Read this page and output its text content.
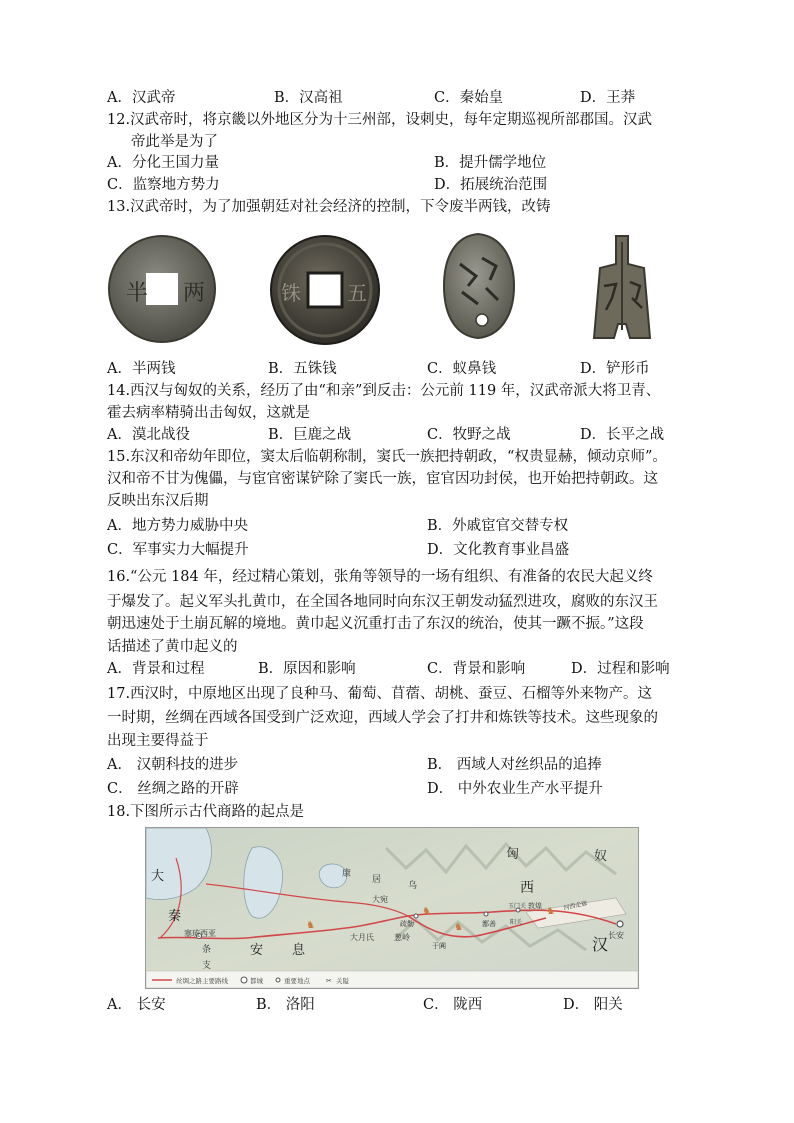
A．汉武帝	B．汉高祖	C．秦始皇	D．王莽
12.汉武帝时，将京畿以外地区分为十三州部，设刺史，每年定期巡视所部郡国。汉武
帝此举是为了
A．分化王国力量	B．提升儒学地位
C．监察地方势力	D．拓展统治范围
13.汉武帝时，为了加强朝廷对社会经济的控制，下令废半两钱，改铸
半 两	铢 五
A．半两钱	B．五铢钱	C．蚁鼻钱	D．铲形币
14.西汉与匈奴的关系，经历了由“和亲”到反击：公元前 119 年，汉武帝派大将卫青、
霍去病率精骑出击匈奴，这就是
A．漠北战役	B．巨鹿之战	C．牧野之战	D．长平之战
15.东汉和帝幼年即位，窦太后临朝称制，窦氏一族把持朝政，“权贵显赫，倾动京师”。
汉和帝不甘为傀儡，与宦官密谋铲除了窦氏一族，宦官因功封侯，也开始把持朝政。这
反映出东汉后期
A．地方势力威胁中央	B．外戚宦官交替专权
C．军事实力大幅提升	D．文化教育事业昌盛
16.“公元 184 年，经过精心策划，张角等领导的一场有组织、有准备的农民大起义终
于爆发了。起义军头扎黄巾，在全国各地同时向东汉王朝发动猛烈进攻，腐败的东汉王
朝迅速处于土崩瓦解的境地。黄巾起义沉重打击了东汉的统治，使其一蹶不振。”这段
话描述了黄巾起义的
A．背景和过程	B．原因和影响	C．背景和影响	D．过程和影响
17.西汉时，中原地区出现了良种马、葡萄、苜蓿、胡桃、蚕豆、石榴等外来物产。这
一时期，丝绸在西域各国受到广泛欢迎，西域人学会了打井和炼铁等技术。这些现象的
出现主要得益于
A． 汉朝科技的进步	B． 西域人对丝织品的追捧
C． 丝绸之路的开辟	D． 中外农业生产水平提升
18.下图所示古代商路的起点是
♞
♞
♞
♞
匈	奴
大
秦
康
居
乌
大宛
西
玉门关	河西走廊
敦煌
阳关
疏勒
葱岭
于阗
鄯善
大月氏
安 息
塞琉西亚
条
支
汉 长安
丝绸之路主要路线	都城	重要地点 ✂ 关隘
A． 长安	B． 洛阳	C． 陇西	D． 阳关
